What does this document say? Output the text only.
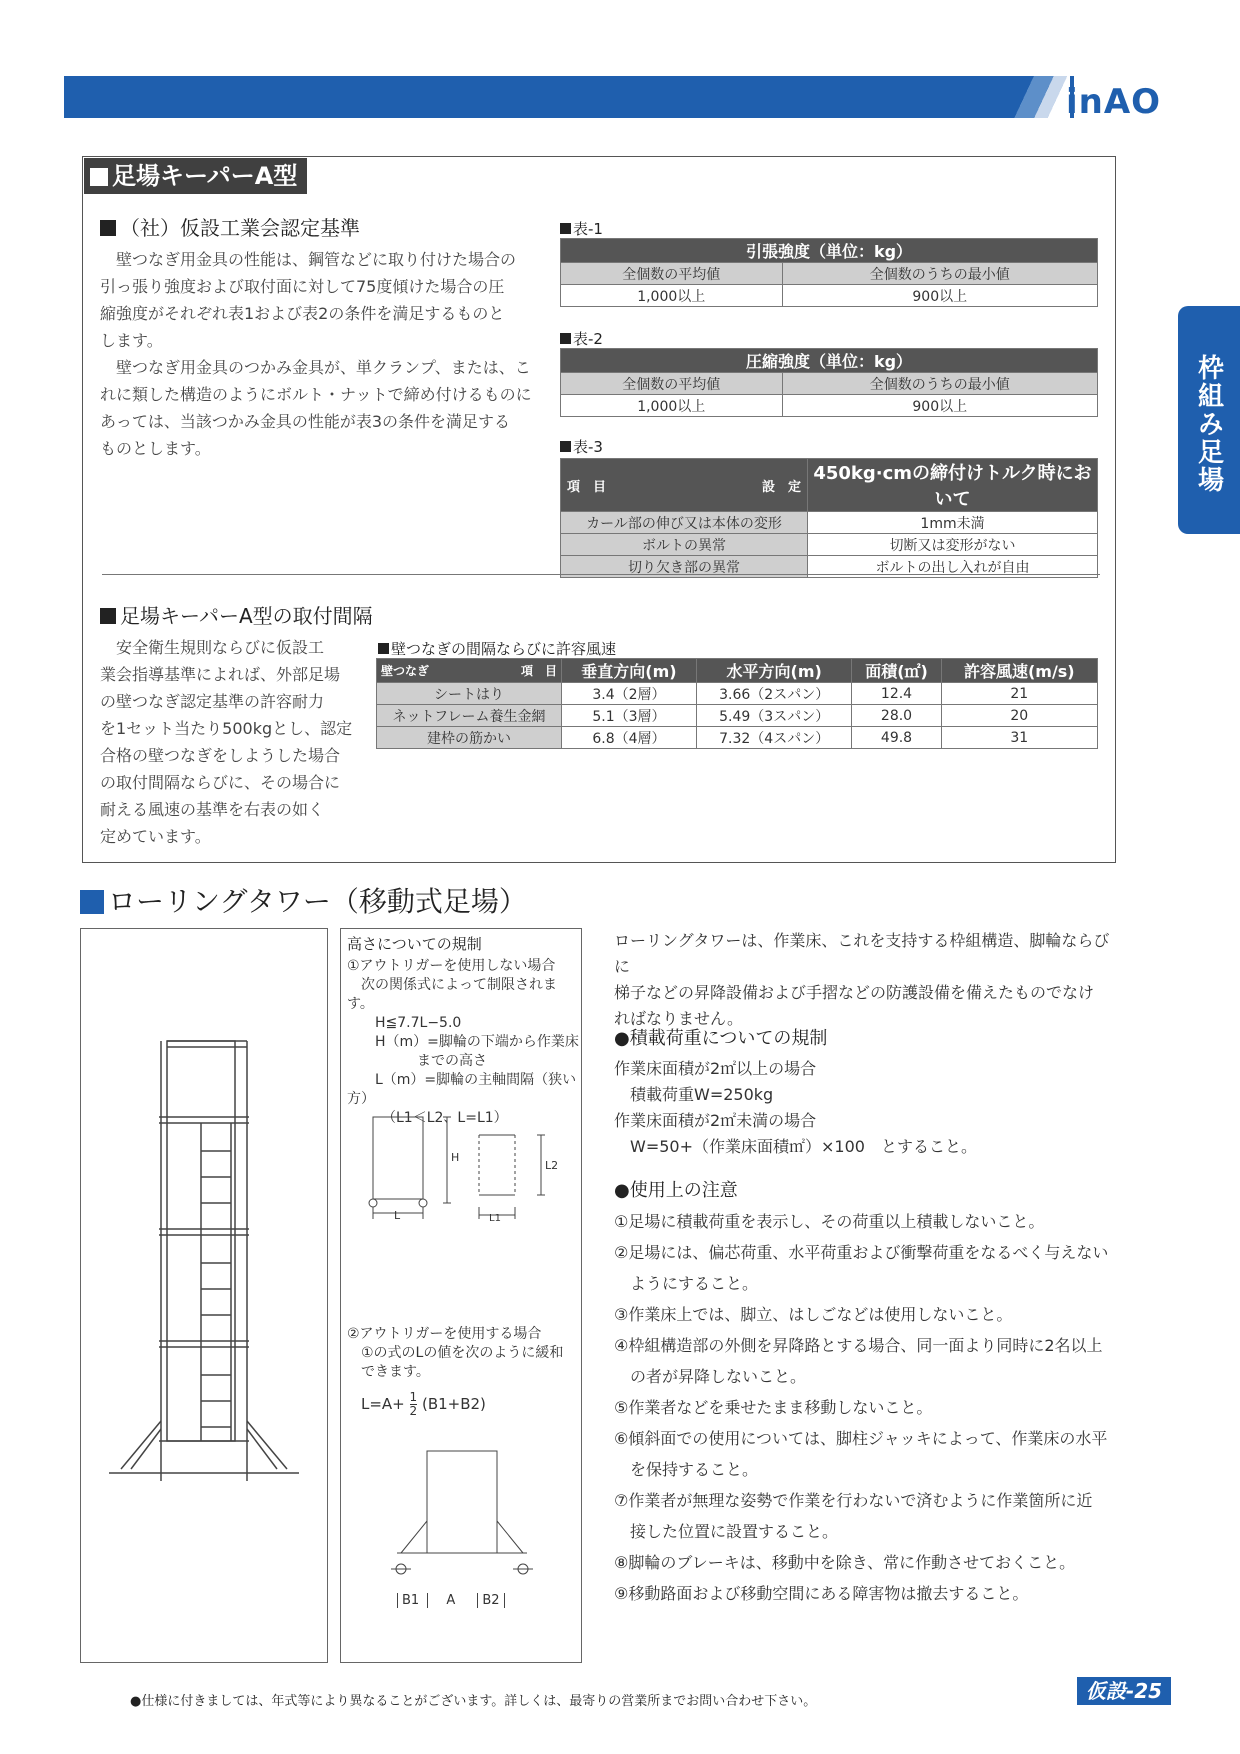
inAO
枠組み足場
足場キーパーA型
（社）仮設工業会認定基準
壁つなぎ用金具の性能は、鋼管などに取り付けた場合の
引っ張り強度および取付面に対して75度傾けた場合の圧
縮強度がそれぞれ表1および表2の条件を満足するものと
します。
壁つなぎ用金具のつかみ金具が、単クランプ、または、こ
れに類した構造のようにボルト・ナットで締め付けるものに
あっては、当該つかみ金具の性能が表3の条件を満足する
ものとします。
表-1
引張強度（単位：kg）	
全個数の平均値	全個数のうちの最小値
1,000以上	900以上
表-2
圧縮強度（単位：kg）	
全個数の平均値	全個数のうちの最小値
1,000以上	900以上
表-3
項　目 設　定	450kg·cmの締付けトルク時において
カール部の伸び又は本体の変形	1mm未満
ボルトの異常	切断又は変形がない
切り欠き部の異常	ボルトの出し入れが自由
足場キーパーA型の取付間隔
安全衛生規則ならびに仮設工
業会指導基準によれば、外部足場
の壁つなぎ認定基準の許容耐力
を1セット当たり500kgとし、認定
合格の壁つなぎをしようした場合
の取付間隔ならびに、その場合に
耐える風速の基準を右表の如く
定めています。
壁つなぎの間隔ならびに許容風速
壁つなぎ 項　目	垂直方向(m)	水平方向(m)	面積(㎡)	許容風速(m/s)
シートはり	3.4（2層）	3.66（2スパン）	12.4	21
ネットフレーム養生金網	5.1（3層）	5.49（3スパン）	28.0	20
建枠の筋かい	6.8（4層）	7.32（4スパン）	49.8	31
ローリングタワー（移動式足場）
高さについての規制
①アウトリガーを使用しない場合
　次の関係式によって制限されます。
　　H≦7.7L−5.0
　　H（m）=脚輪の下端から作業床
　　　　　までの高さ
　　L（m）=脚輪の主軸間隔（狭い方）
　　　（L1＜L2、L=L1）
H
L2
L	L1
②アウトリガーを使用する場合
　①の式のLの値を次のように緩和
　できます。
$L=A+ \frac{1}{2} (B1+B2)$
B1 A B2
ローリングタワーは、作業床、これを支持する枠組構造、脚輪ならびに
梯子などの昇降設備および手摺などの防護設備を備えたものでなけ
ればなりません。
●積載荷重についての規制
作業床面積が2㎡以上の場合
　積載荷重W=250kg
作業床面積が2㎡未満の場合
　W=50+（作業床面積㎡）×100　とすること。
●使用上の注意
①足場に積載荷重を表示し、その荷重以上積載しないこと。
②足場には、偏芯荷重、水平荷重および衝撃荷重をなるべく与えない
　ようにすること。
③作業床上では、脚立、はしごなどは使用しないこと。
④枠組構造部の外側を昇降路とする場合、同一面より同時に2名以上
　の者が昇降しないこと。
⑤作業者などを乗せたまま移動しないこと。
⑥傾斜面での使用については、脚柱ジャッキによって、作業床の水平
　を保持すること。
⑦作業者が無理な姿勢で作業を行わないで済むように作業箇所に近
　接した位置に設置すること。
⑧脚輪のブレーキは、移動中を除き、常に作動させておくこと。
⑨移動路面および移動空間にある障害物は撤去すること。
●仕様に付きましては、年式等により異なることがございます。詳しくは、最寄りの営業所までお問い合わせ下さい。	仮設-25
